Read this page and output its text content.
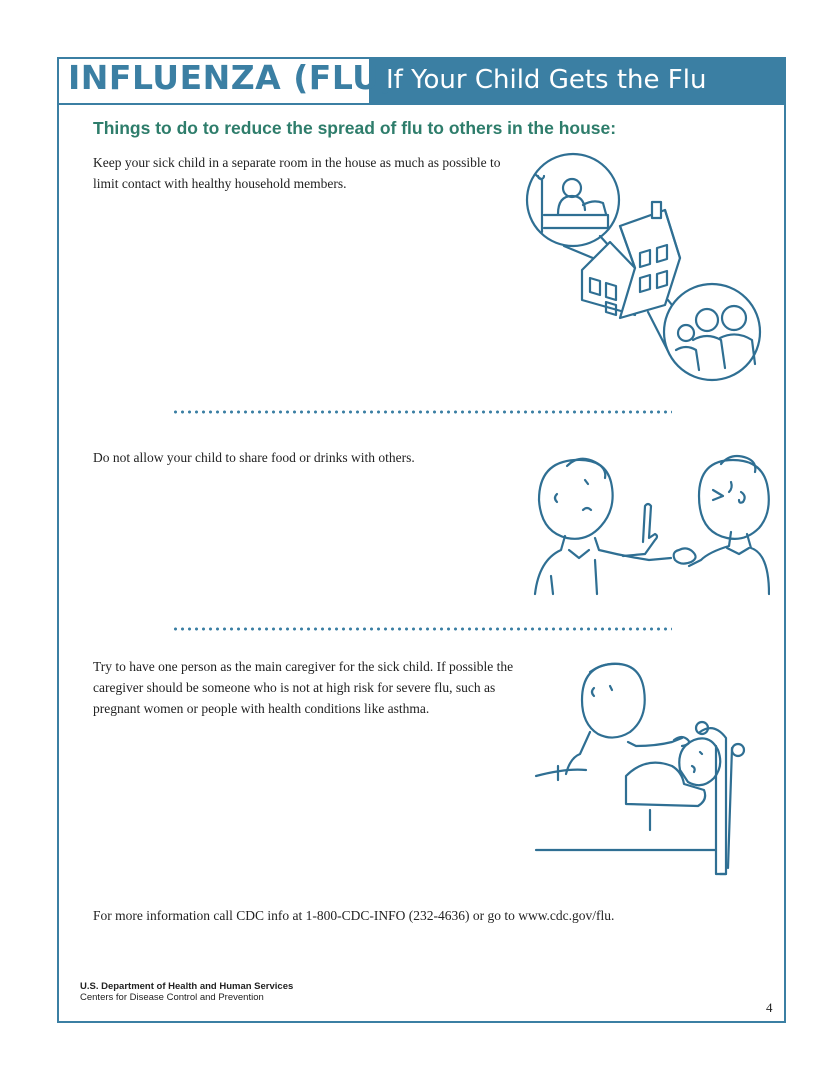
INFLUENZA (FLU)
If Your Child Gets the Flu
Things to do to reduce the spread of flu to others in the house:
Keep your sick child in a separate room in the house as much as possible to limit contact with healthy household members.
Do not allow your child to share food or drinks with others.
Try to have one person as the main caregiver for the sick child. If possible the caregiver should be someone who is not at high risk for severe flu, such as pregnant women or people with health conditions like asthma.
For more information call CDC info at 1-800-CDC-INFO (232-4636) or go to www.cdc.gov/flu.
U.S. Department of Health and Human Services
Centers for Disease Control and Prevention
4
